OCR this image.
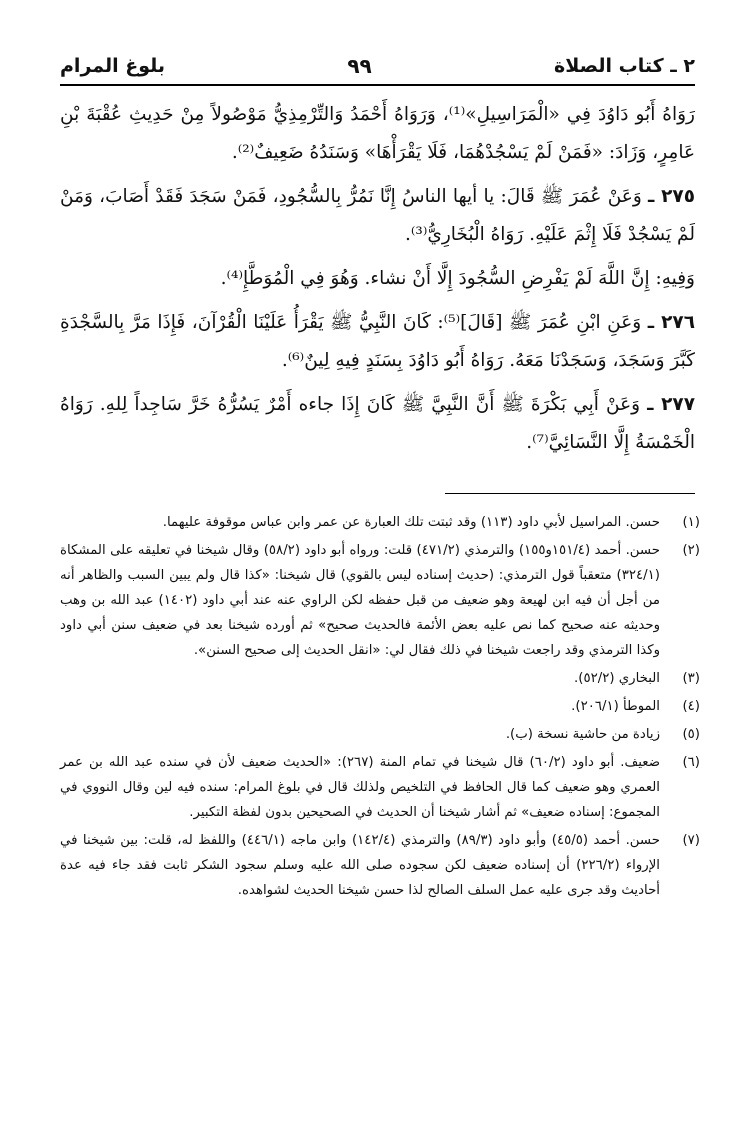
٢ ـ كتاب الصلاة
٩٩
بلوغ المرام

رَوَاهُ أَبُو دَاوُدَ فِي «الْمَرَاسِيلِ»⁽¹⁾، وَرَوَاهُ أَحْمَدُ وَالتِّرْمِذِيُّ مَوْصُولاً مِنْ حَدِيثِ عُقْبَةَ بْنِ عَامِرٍ، وَزَادَ: «فَمَنْ لَمْ يَسْجُدْهُمَا، فَلَا يَقْرَأْهَا» وَسَنَدُهُ ضَعِيفٌ⁽²⁾.

٢٧٥ ـ وَعَنْ عُمَرَ ﷺ قَالَ: يا أيها الناسُ إِنَّا نَمُرُّ بِالسُّجُودِ، فَمَنْ سَجَدَ فَقَدْ أَصَابَ، وَمَنْ لَمْ يَسْجُدْ فَلَا إِثْمَ عَلَيْهِ. رَوَاهُ الْبُخَارِيُّ⁽³⁾.

وَفِيهِ: إِنَّ اللَّهَ لَمْ يَفْرِضِ السُّجُودَ إِلَّا أَنْ نشاء. وَهُوَ فِي الْمُوَطَّإِ⁽⁴⁾.

٢٧٦ ـ وَعَنِ ابْنِ عُمَرَ ﷺ [قَالَ]⁽⁵⁾: كَانَ النَّبِيُّ ﷺ يَقْرَأُ عَلَيْنَا الْقُرْآنَ، فَإِذَا مَرَّ بِالسَّجْدَةِ كَبَّرَ وَسَجَدَ، وَسَجَدْنَا مَعَهُ. رَوَاهُ أَبُو دَاوُدَ بِسَنَدٍ فِيهِ لِينٌ⁽⁶⁾.

٢٧٧ ـ وَعَنْ أَبِي بَكْرَةَ ﷺ أَنَّ النَّبِيَّ ﷺ كَانَ إِذَا جاءه أَمْرٌ يَسُرُّهُ خَرَّ سَاجِداً لِلهِ. رَوَاهُ الْخَمْسَةُ إِلَّا النَّسَائِيَّ⁽⁷⁾.

(١)
حسن. المراسيل لأبي داود (١١٣) وقد ثبتت تلك العبارة عن عمر وابن عباس موقوفة عليهما.
(٢)
حسن. أحمد (١٥١/٤و١٥٥) والترمذي (٤٧١/٢) قلت: ورواه أبو داود (٥٨/٢) وقال شيخنا في تعليقه على المشكاة (٣٢٤/١) متعقباً قول الترمذي: (حديث إسناده ليس بالقوي) قال شيخنا: «كذا قال ولم يبين السبب والظاهر أنه من أجل أن فيه ابن لهيعة وهو ضعيف من قبل حفظه لكن الراوي عنه عند أبي داود (١٤٠٢) عبد الله بن وهب وحديثه عنه صحيح كما نص عليه بعض الأئمة فالحديث صحيح» ثم أورده شيخنا بعد في ضعيف سنن أبي داود وكذا الترمذي وقد راجعت شيخنا في ذلك فقال لي: «انقل الحديث إلى صحيح السنن».
(٣)
البخاري (٥٢/٢).
(٤)
الموطأ (٢٠٦/١).
(٥)
زيادة من حاشية نسخة (ب).
(٦)
ضعيف. أبو داود (٦٠/٢) قال شيخنا في تمام المنة (٢٦٧): «الحديث ضعيف لأن في سنده عبد الله بن عمر العمري وهو ضعيف كما قال الحافظ في التلخيص ولذلك قال في بلوغ المرام: سنده فيه لين وقال النووي في المجموع: إسناده ضعيف» ثم أشار شيخنا أن الحديث في الصحيحين بدون لفظة التكبير.
(٧)
حسن. أحمد (٤٥/٥) وأبو داود (٨٩/٣) والترمذي (١٤٢/٤) وابن ماجه (٤٤٦/١) واللفظ له، قلت: بين شيخنا في الإرواء (٢٢٦/٢) أن إسناده ضعيف لكن سجوده صلى الله عليه وسلم سجود الشكر ثابت فقد جاء فيه عدة أحاديث وقد جرى عليه عمل السلف الصالح لذا حسن شيخنا الحديث لشواهده.
